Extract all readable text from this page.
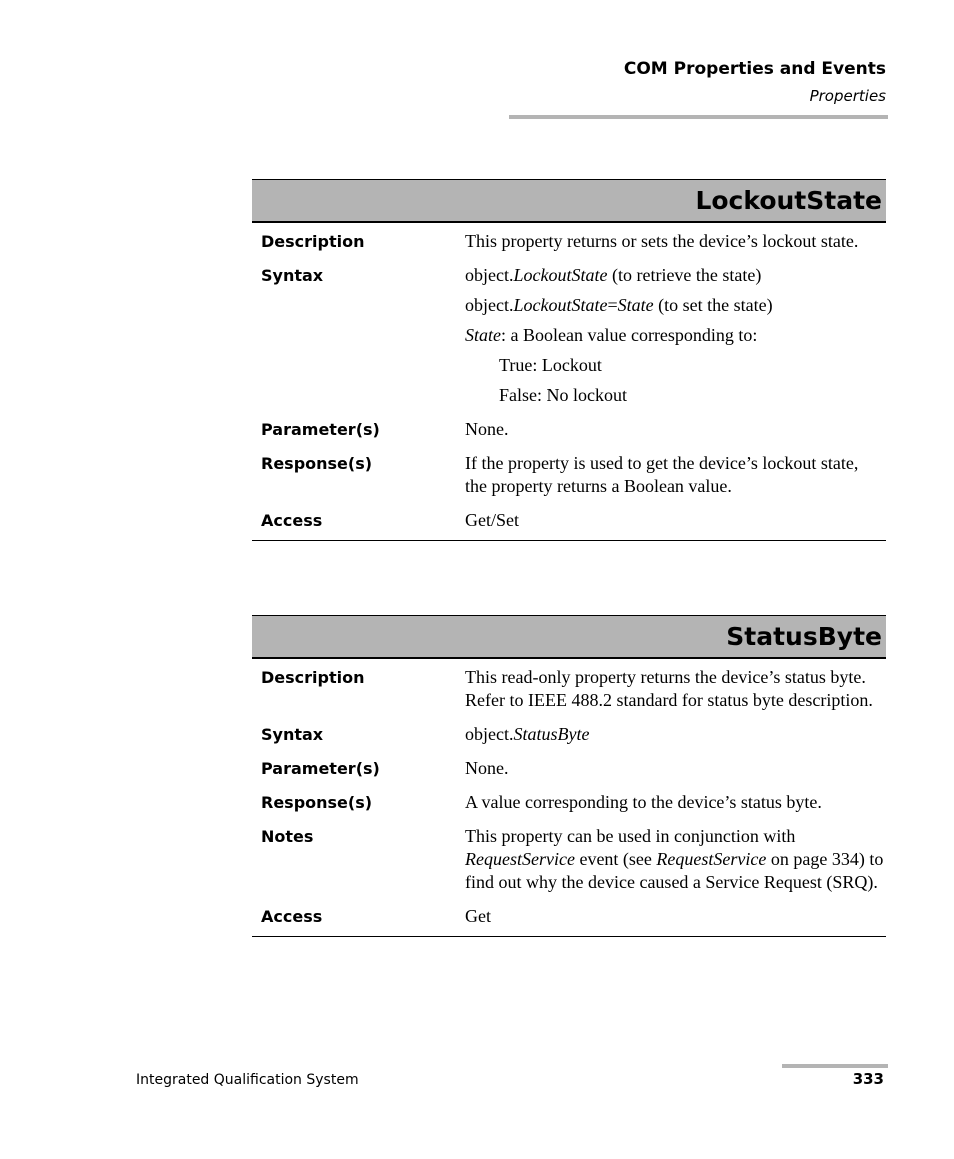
COM Properties and Events
Properties
LockoutState
Description	This property returns or sets the device’s lockout state.

Syntax	object.LockoutState (to retrieve the state)

object.LockoutState=State (to set the state)

State: a Boolean value corresponding to:

True: Lockout

False: No lockout

Parameter(s)	None.

Response(s)	If the property is used to get the device’s lockout state, the property returns a Boolean value.

Access	Get/Set

StatusByte
Description	This read-only property returns the device’s status byte. Refer to IEEE 488.2 standard for status byte description.

Syntax	object.StatusByte

Parameter(s)	None.

Response(s)	A value corresponding to the device’s status byte.

Notes	This property can be used in conjunction with RequestService event (see RequestService on page 334) to find out why the device caused a Service Request (SRQ).

Access	Get

Integrated Qualification System	333
